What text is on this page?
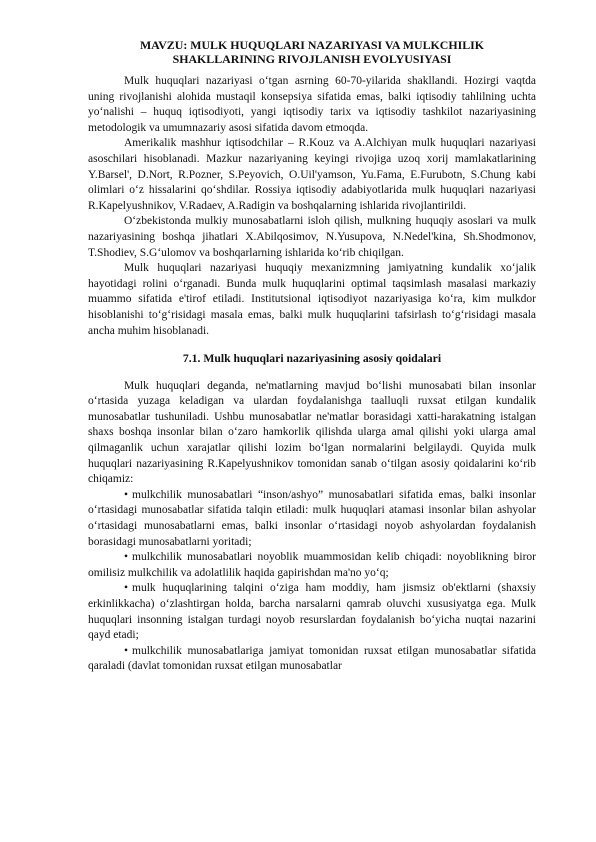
MAVZU: MULK HUQUQLARI NAZARIYASI VA MULKCHILIK
SHAKLLARINING RIVOJLANISH EVOLYUSIYASI

Mulk huquqlari nazariyasi oʻtgan asrning 60-70-yilarida shakllandi. Hozirgi vaqtda uning rivojlanishi alohida mustaqil konsepsiya sifatida emas, balki iqtisodiy tahlilning uchta yoʻnalishi – huquq iqtisodiyoti, yangi iqtisodiy tarix va iqtisodiy tashkilot nazariyasining metodologik va umumnazariy asosi sifatida davom etmoqda.

Amerikalik mashhur iqtisodchilar – R.Kouz va A.Alchiyan mulk huquqlari nazariyasi asoschilari hisoblanadi. Mazkur nazariyaning keyingi rivojiga uzoq xorij mamlakatlarining Y.Barsel', D.Nort, R.Pozner, S.Peyovich, O.Uil'yamson, Yu.Fama, E.Furubotn, S.Chung kabi olimlari oʻz hissalarini qoʻshdilar. Rossiya iqtisodiy adabiyotlarida mulk huquqlari nazariyasi R.Kapelyushnikov, V.Radaev, A.Radigin va boshqalarning ishlarida rivojlantirildi.

Oʻzbekistonda mulkiy munosabatlarni isloh qilish, mulkning huquqiy asoslari va mulk nazariyasining boshqa jihatlari X.Abilqosimov, N.Yusupova, N.Nedel'kina, Sh.Shodmonov, T.Shodiev, S.Gʻulomov va boshqarlarning ishlarida koʻrib chiqilgan.

Mulk huquqlari nazariyasi huquqiy mexanizmning jamiyatning kundalik xoʻjalik hayotidagi rolini oʻrganadi. Bunda mulk huquqlarini optimal taqsimlash masalasi markaziy muammo sifatida e'tirof etiladi. Institutsional iqtisodiyot nazariyasiga koʻra, kim mulkdor hisoblanishi toʻgʻrisidagi masala emas, balki mulk huquqlarini tafsirlash toʻgʻrisidagi masala ancha muhim hisoblanadi.

7.1. Mulk huquqlari nazariyasining asosiy qoidalari

Mulk huquqlari deganda, ne'matlarning mavjud boʻlishi munosabati bilan insonlar oʻrtasida yuzaga keladigan va ulardan foydalanishga taalluqli ruxsat etilgan kundalik munosabatlar tushuniladi. Ushbu munosabatlar ne'matlar borasidagi xatti-harakatning istalgan shaxs boshqa insonlar bilan oʻzaro hamkorlik qilishda ularga amal qilishi yoki ularga amal qilmaganlik uchun xarajatlar qilishi lozim boʻlgan normalarini belgilaydi. Quyida mulk huquqlari nazariyasining R.Kapelyushnikov tomonidan sanab oʻtilgan asosiy qoidalarini koʻrib chiqamiz:

• mulkchilik munosabatlari “inson/ashyo” munosabatlari sifatida emas, balki insonlar oʻrtasidagi munosabatlar sifatida talqin etiladi: mulk huquqlari atamasi insonlar bilan ashyolar oʻrtasidagi munosabatlarni emas, balki insonlar oʻrtasidagi noyob ashyolardan foydalanish borasidagi munosabatlarni yoritadi;

• mulkchilik munosabatlari noyoblik muammosidan kelib chiqadi: noyoblikning biror omilisiz mulkchilik va adolatlilik haqida gapirishdan ma'no yoʻq;

• mulk huquqlarining talqini oʻziga ham moddiy, ham jismsiz ob'ektlarni (shaxsiy erkinlikkacha) oʻzlashtirgan holda, barcha narsalarni qamrab oluvchi xususiyatga ega. Mulk huquqlari insonning istalgan turdagi noyob resurslardan foydalanish boʻyicha nuqtai nazarini qayd etadi;

• mulkchilik munosabatlariga jamiyat tomonidan ruxsat etilgan munosabatlar sifatida qaraladi (davlat tomonidan ruxsat etilgan munosabatlar
